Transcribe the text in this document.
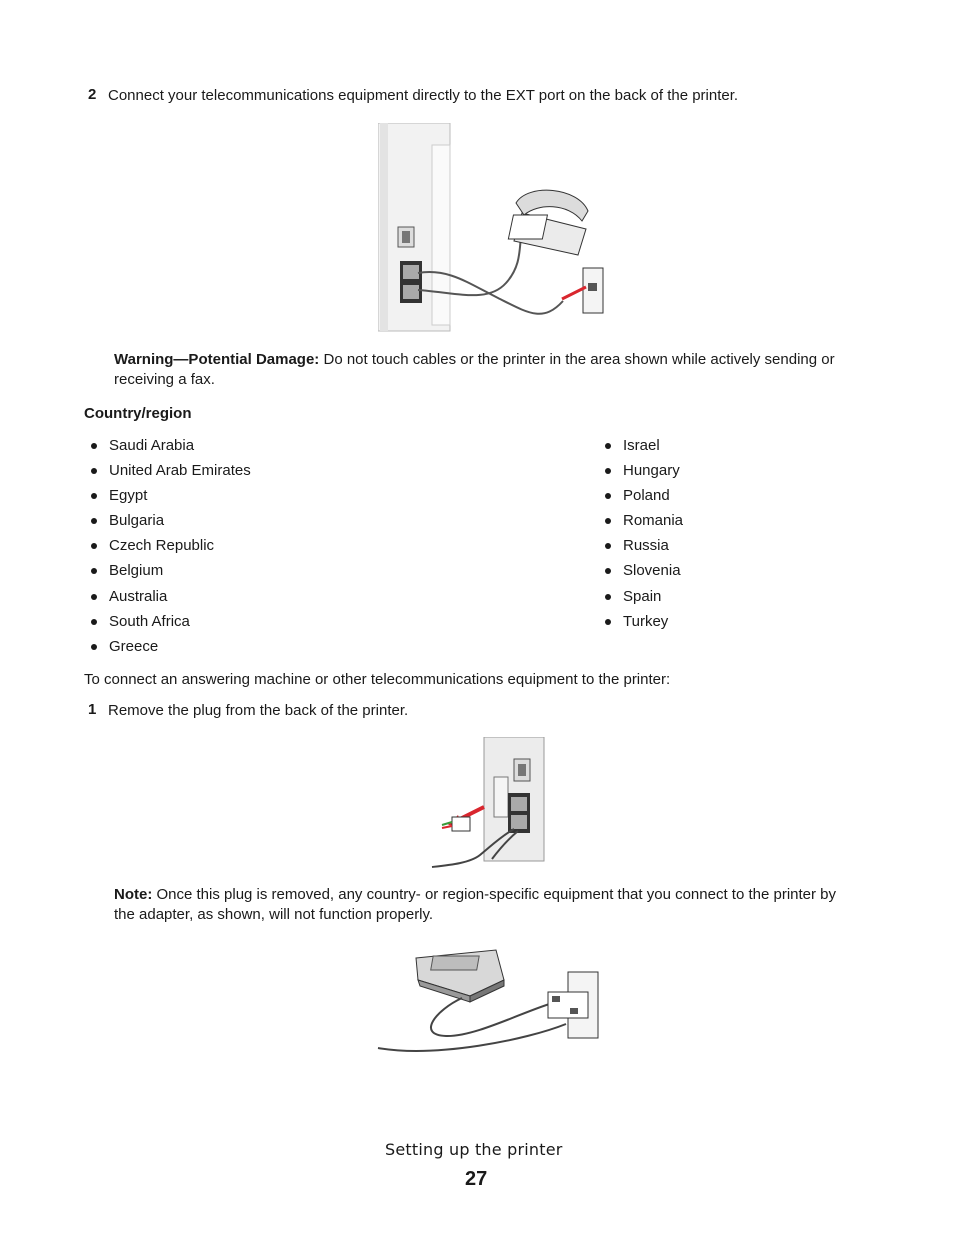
2 Connect your telecommunications equipment directly to the EXT port on the back of the printer.
Warning—Potential Damage: Do not touch cables or the printer in the area shown while actively sending or
receiving a fax.
Country/region
Saudi Arabia
United Arab Emirates
Egypt
Bulgaria
Czech Republic
Belgium
Australia
South Africa
Greece
Israel
Hungary
Poland
Romania
Russia
Slovenia
Spain
Turkey
To connect an answering machine or other telecommunications equipment to the printer:
1 Remove the plug from the back of the printer.
Note: Once this plug is removed, any country- or region-specific equipment that you connect to the printer by
the adapter, as shown, will not function properly.
Setting up the printer
27
